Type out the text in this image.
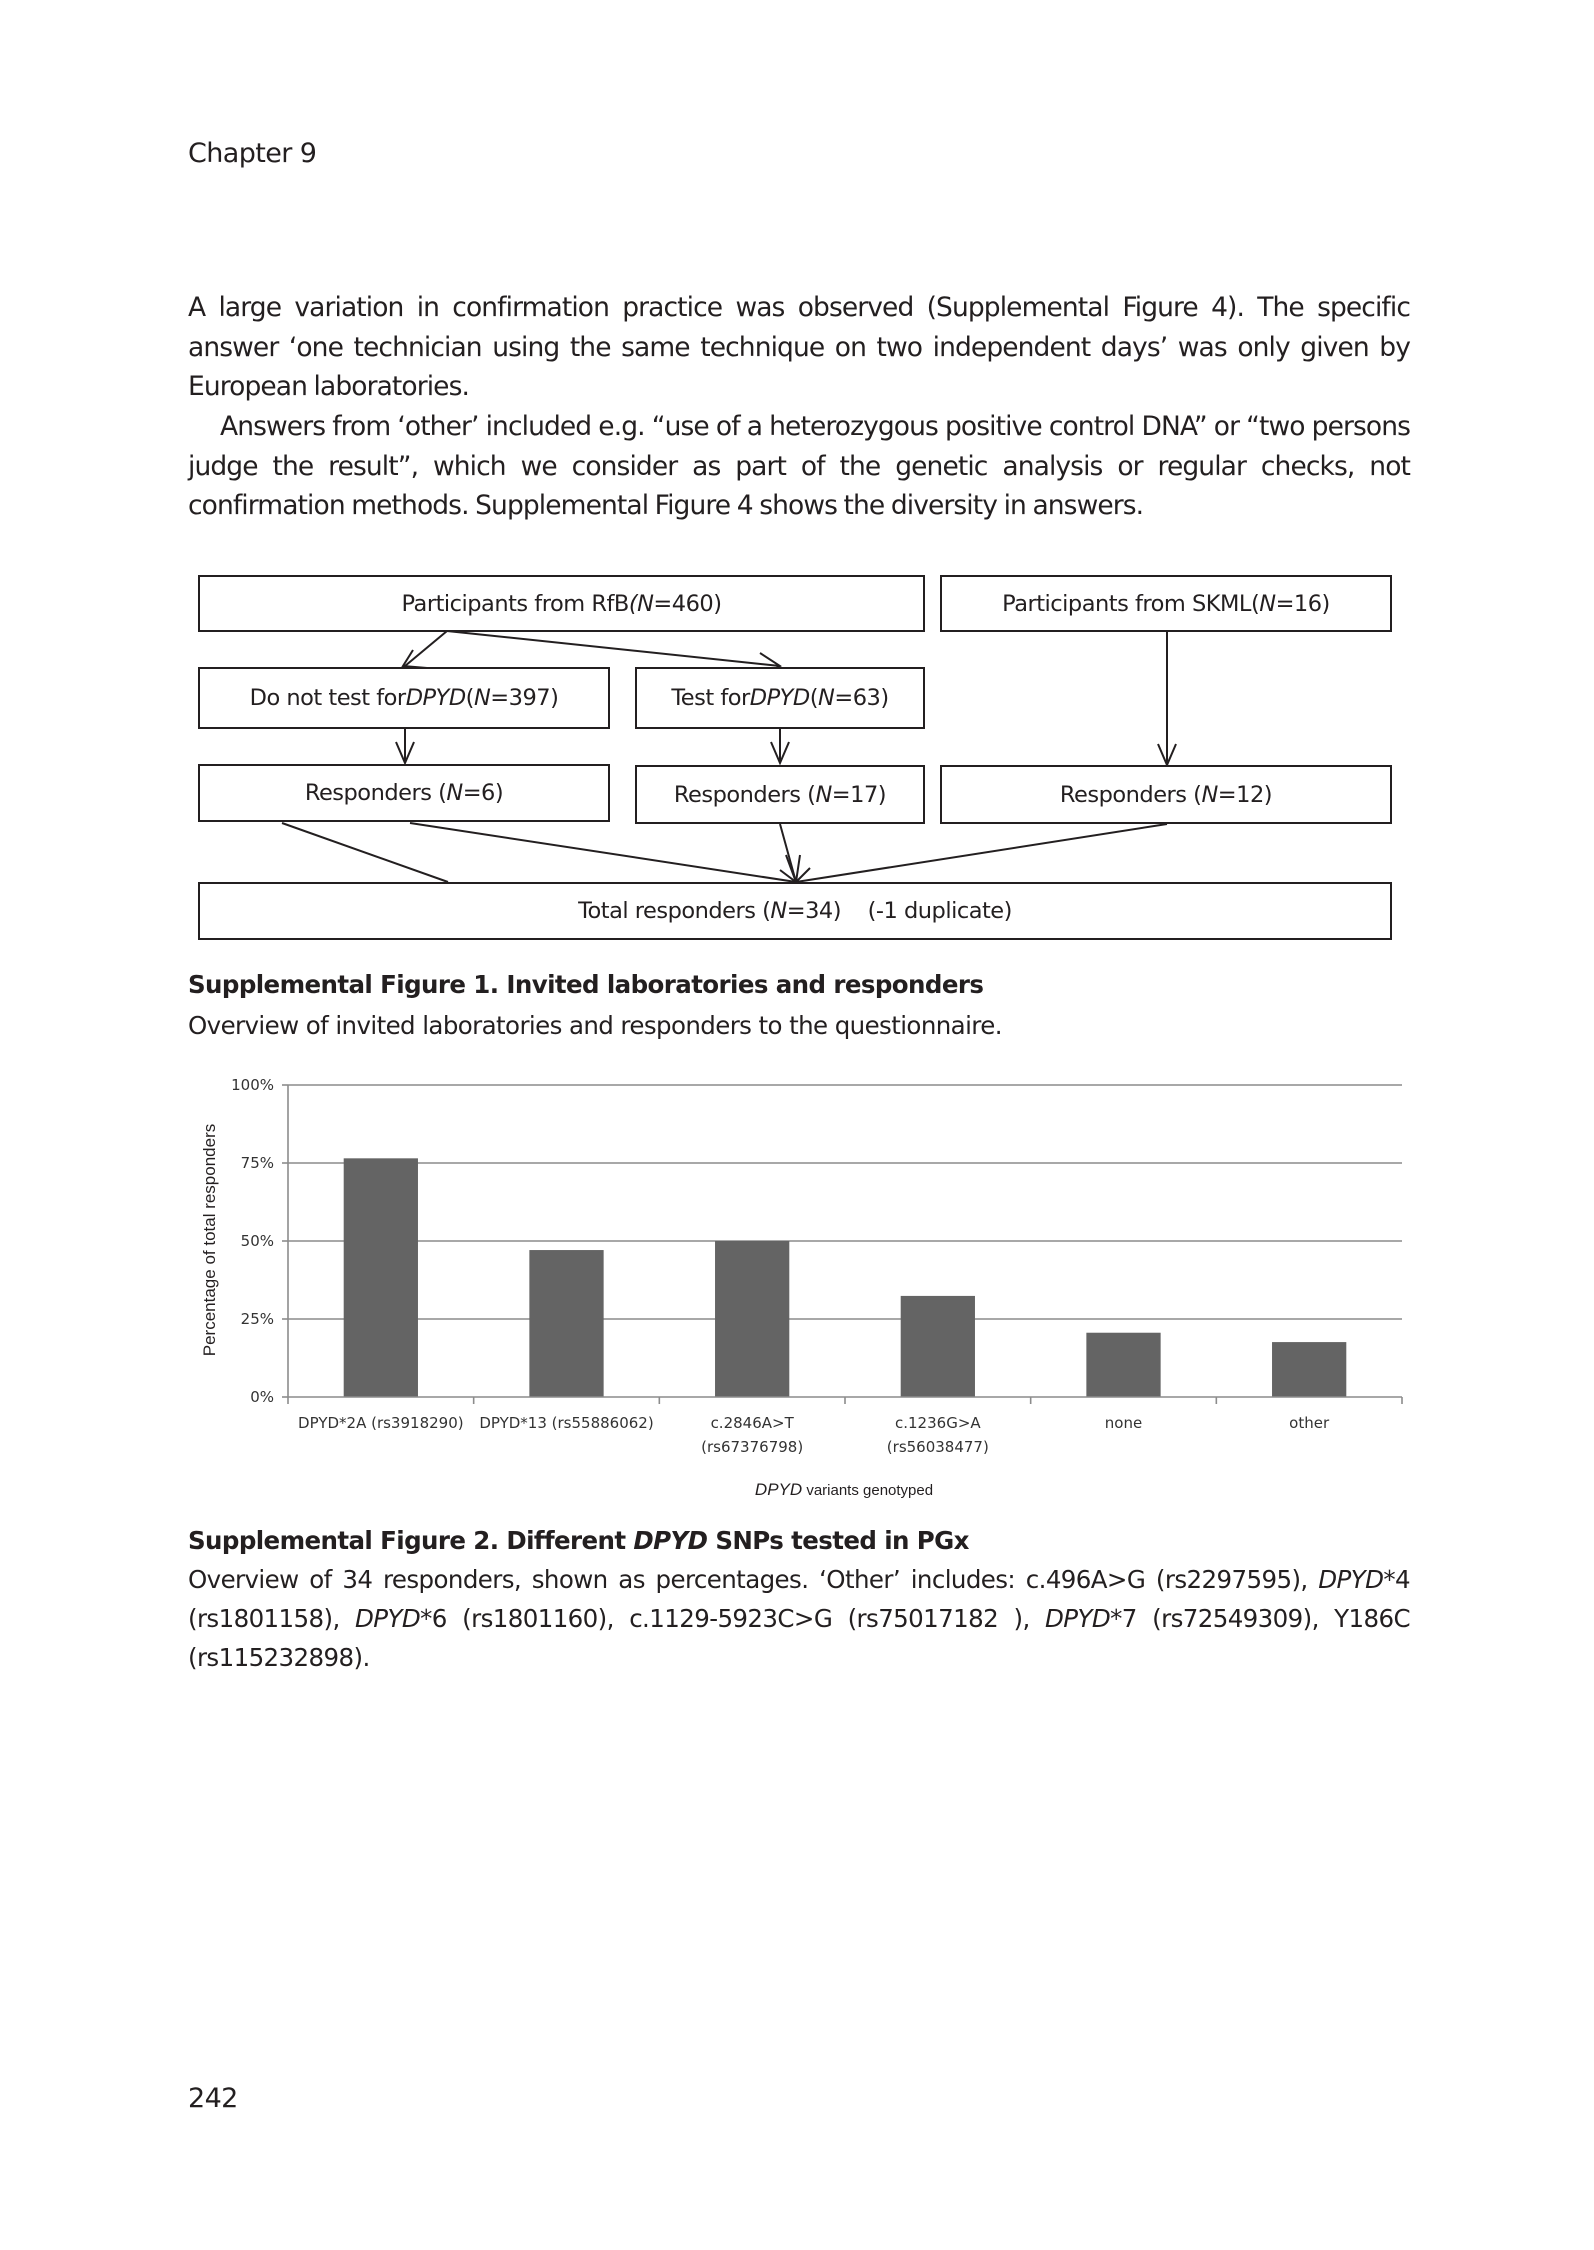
Chapter 9
A large variation in confirmation practice was observed (Supplemental Figure 4). The specific answer ‘one technician using the same technique on two independent days’ was only given by European laboratories.
Answers from ‘other’ included e.g. “use of a heterozygous positive control DNA” or “two persons judge the result”, which we consider as part of the genetic analysis or regular checks, not confirmation methods. Supplemental Figure 4 shows the diversity in answers.
Participants from RfB (N =460)	Participants from SKML( N =16)
Do not test for DPYD ( N =397)	Test for DPYD ( N =63)
Responders ( N =6)	Responders ( N =17)	Responders ( N =12)
Total responders ( N =34)    (-1 duplicate)
Supplemental Figure 1. Invited laboratories and responders
Overview of invited laboratories and responders to the questionnaire.
0%
25%
50%
75%
100%
DPYD*2A (rs3918290) DPYD*13 (rs55886062)	c.2846A>T
(rs67376798)
c.1236G>A
(rs56038477)
none	other
Percentage of total responders
DPYD variants genotyped
Supplemental Figure 2. Different DPYD SNPs tested in PGx
Overview of 34 responders, shown as percentages. ‘Other’ includes: c.496A>G (rs2297595), DPYD*4 (rs1801158), DPYD*6 (rs1801160), c.1129-5923C>G (rs75017182 ), DPYD*7 (rs72549309), Y186C (rs115232898).
242
